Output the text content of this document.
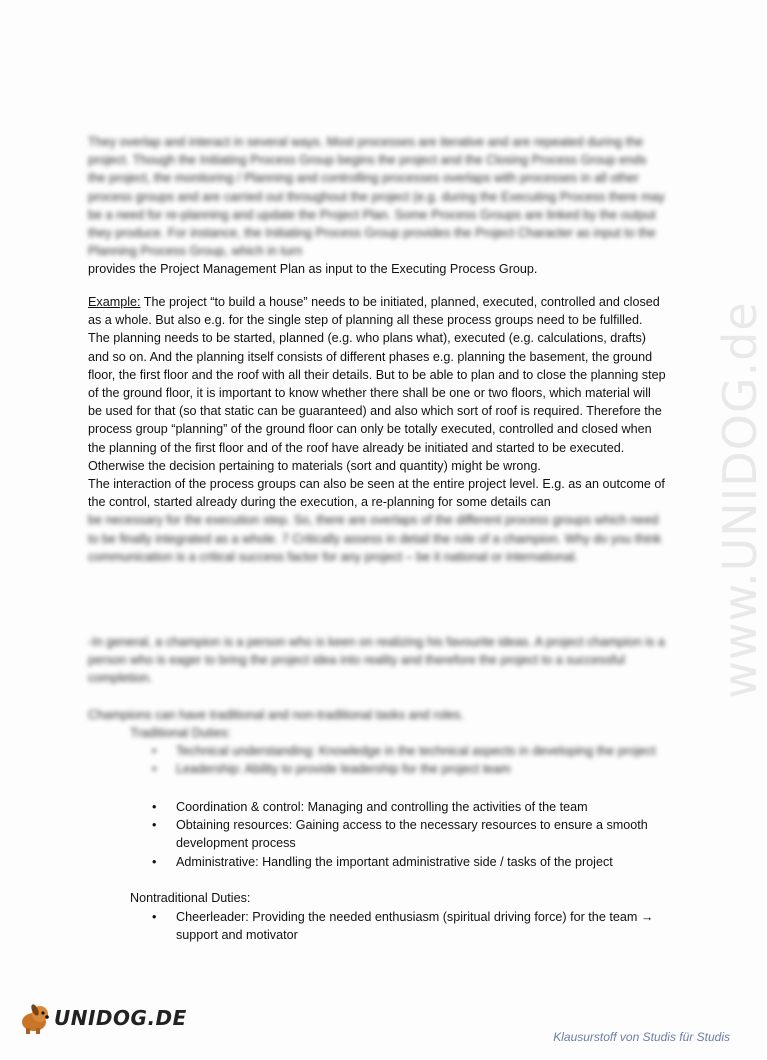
www.UNIDOG.de

They overlap and interact in several ways. Most processes are iterative and are repeated during the project. Though the Initiating Process Group begins the project and the Closing Process Group ends the project, the monitoring / Planning and controlling processes overlaps with processes in all other process groups and are carried out throughout the project (e.g. during the Executing Process there may be a need for re-planning and update the Project Plan. Some Process Groups are linked by the output they produce. For instance, the Initiating Process Group provides the Project Character as input to the Planning Process Group, which in turn

provides the Project Management Plan as input to the Executing Process Group.

Example: The project “to build a house” needs to be initiated, planned, executed, controlled and closed as a whole. But also e.g. for the single step of planning all these process groups need to be fulfilled. The planning needs to be started, planned (e.g. who plans what), executed (e.g. calculations, drafts) and so on. And the planning itself consists of different phases e.g. planning the basement, the ground floor, the first floor and the roof with all their details. But to be able to plan and to close the planning step of the ground floor, it is important to know whether there shall be one or two floors, which material will be used for that (so that static can be guaranteed) and also which sort of roof is required. Therefore the process group “planning” of the ground floor can only be totally executed, controlled and closed when the planning of the first floor and of the roof have already be initiated and started to be executed. Otherwise the decision pertaining to materials (sort and quantity) might be wrong.

The interaction of the process groups can also be seen at the entire project level. E.g. as an outcome of the control, started already during the execution, a re-planning for some details can

be necessary for the execution step. So, there are overlaps of the different process groups which need to be finally integrated as a whole. 7 Critically assess in detail the role of a champion. Why do you think communication is a critical success factor for any project – be it national or international.

-In general, a champion is a person who is keen on realizing his favourite ideas. A project champion is a person who is eager to bring the project idea into reality and therefore the project to a successful completion.

Champions can have traditional and non-traditional tasks and roles.

Traditional Duties:
• Technical understanding: Knowledge in the technical aspects in developing the project
• Leadership: Ability to provide leadership for the project team
• Coordination & control: Managing and controlling the activities of the team
• Obtaining resources: Gaining access to the necessary resources to ensure a smooth development process
• Administrative: Handling the important administrative side / tasks of the project
Nontraditional Duties:
• Cheerleader: Providing the needed enthusiasm (spiritual driving force) for the team → support and motivator
UNIDOG.DE
Klausurstoff von Studis für Studis
